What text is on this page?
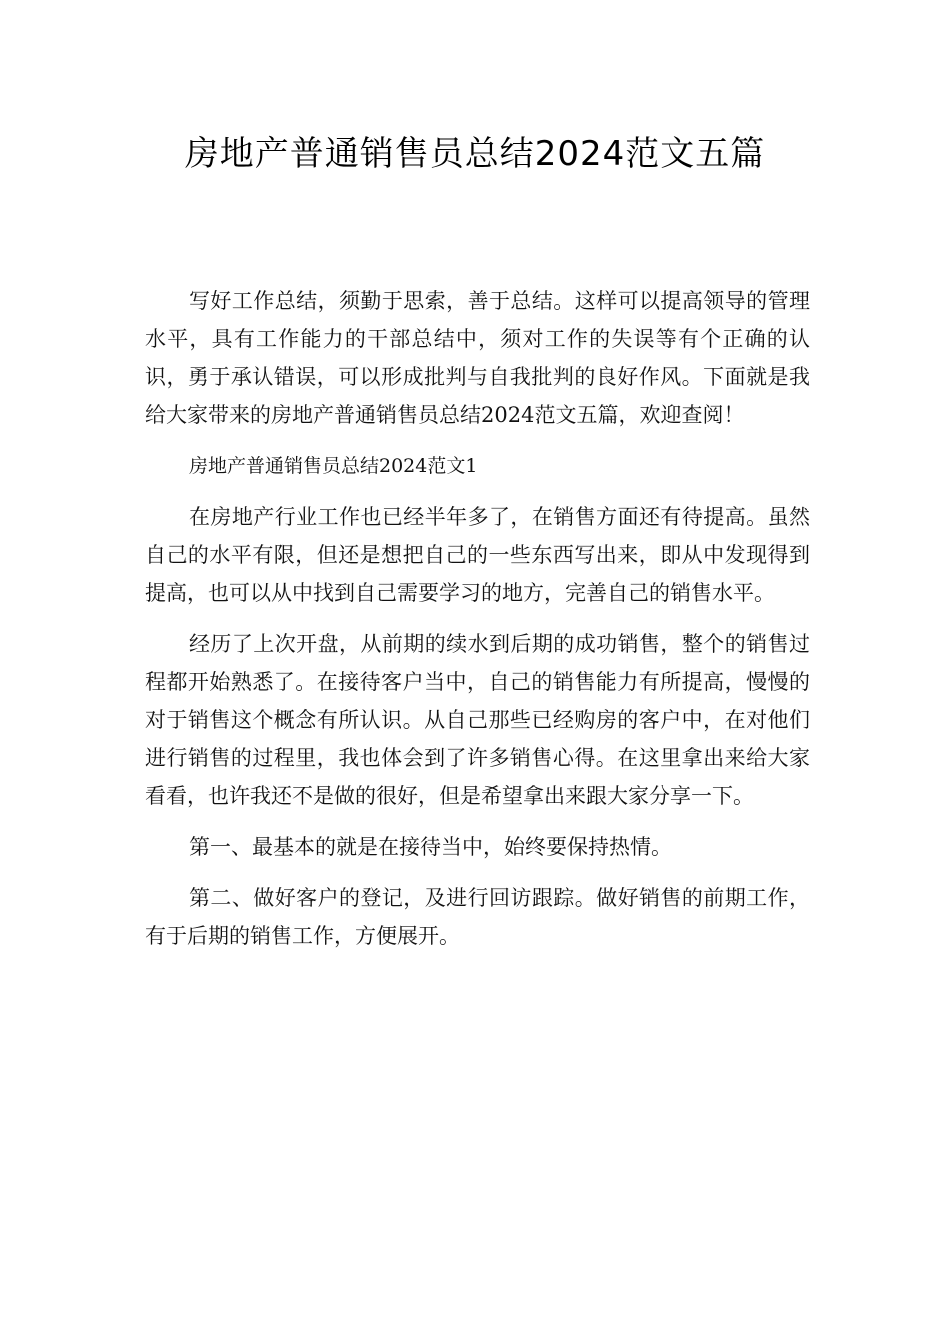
房地产普通销售员总结2024范文五篇

写好工作总结，须勤于思索，善于总结。这样可以提高领导的管理水平，具有工作能力的干部总结中，须对工作的失误等有个正确的认识，勇于承认错误，可以形成批判与自我批判的良好作风。下面就是我给大家带来的房地产普通销售员总结2024范文五篇，欢迎查阅！

房地产普通销售员总结2024范文1

在房地产行业工作也已经半年多了，在销售方面还有待提高。虽然自己的水平有限，但还是想把自己的一些东西写出来，即从中发现得到提高，也可以从中找到自己需要学习的地方，完善自己的销售水平。

经历了上次开盘，从前期的续水到后期的成功销售，整个的销售过程都开始熟悉了。在接待客户当中，自己的销售能力有所提高，慢慢的对于销售这个概念有所认识。从自己那些已经购房的客户中，在对他们进行销售的过程里，我也体会到了许多销售心得。在这里拿出来给大家看看，也许我还不是做的很好，但是希望拿出来跟大家分享一下。

第一、最基本的就是在接待当中，始终要保持热情。

第二、做好客户的登记，及进行回访跟踪。做好销售的前期工作，有于后期的销售工作，方便展开。
